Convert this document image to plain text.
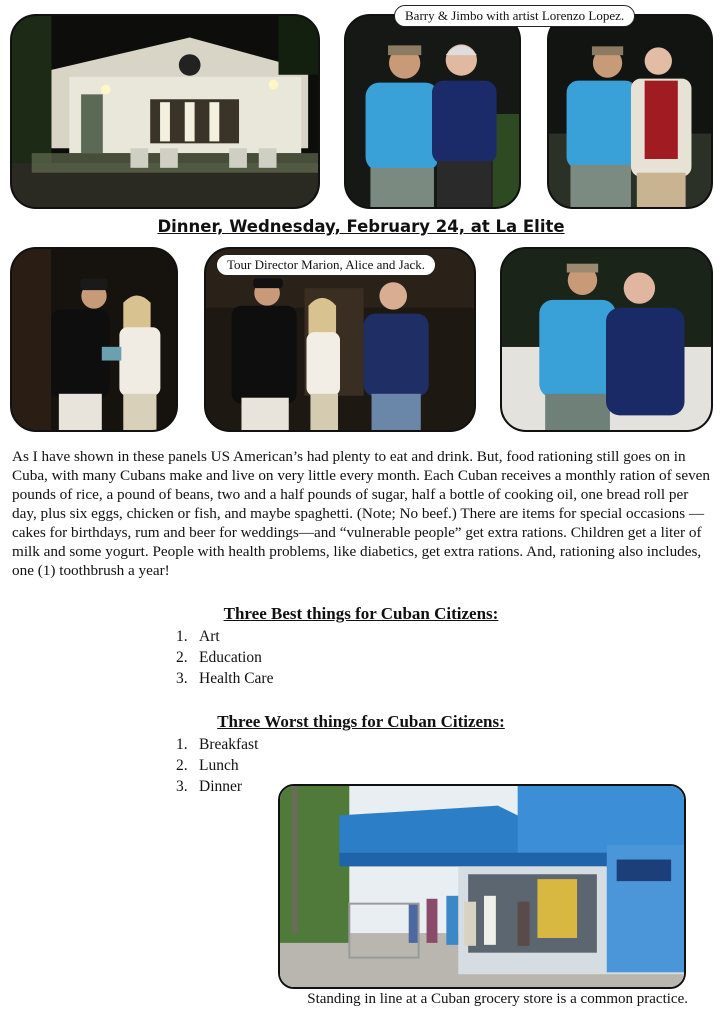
Barry & Jimbo with artist Lorenzo Lopez.
Dinner, Wednesday, February 24, at La Elite
Tour Director Marion, Alice and Jack.

As I have shown in these panels US American’s had plenty to eat and drink. But, food rationing still goes on in Cuba, with many Cubans make and live on very little every month. Each Cuban receives a monthly ration of seven pounds of rice, a pound of beans, two and a half pounds of sugar, half a bottle of cooking oil, one bread roll per day, plus six eggs, chicken or fish, and maybe spaghetti. (Note; No beef.) There are items for special occasions — cakes for birthdays, rum and beer for weddings—and “vulnerable people” get extra rations. Children get a liter of milk and some yogurt. People with health problems, like diabetics, get extra rations. And, rationing also includes, one (1) toothbrush a year!

Three Best things for Cuban Citizens:
1. Art
2. Education
3. Health Care
Three Worst things for Cuban Citizens:
1. Breakfast
2. Lunch
3. Dinner
Standing in line at a Cuban grocery store is a common practice.
